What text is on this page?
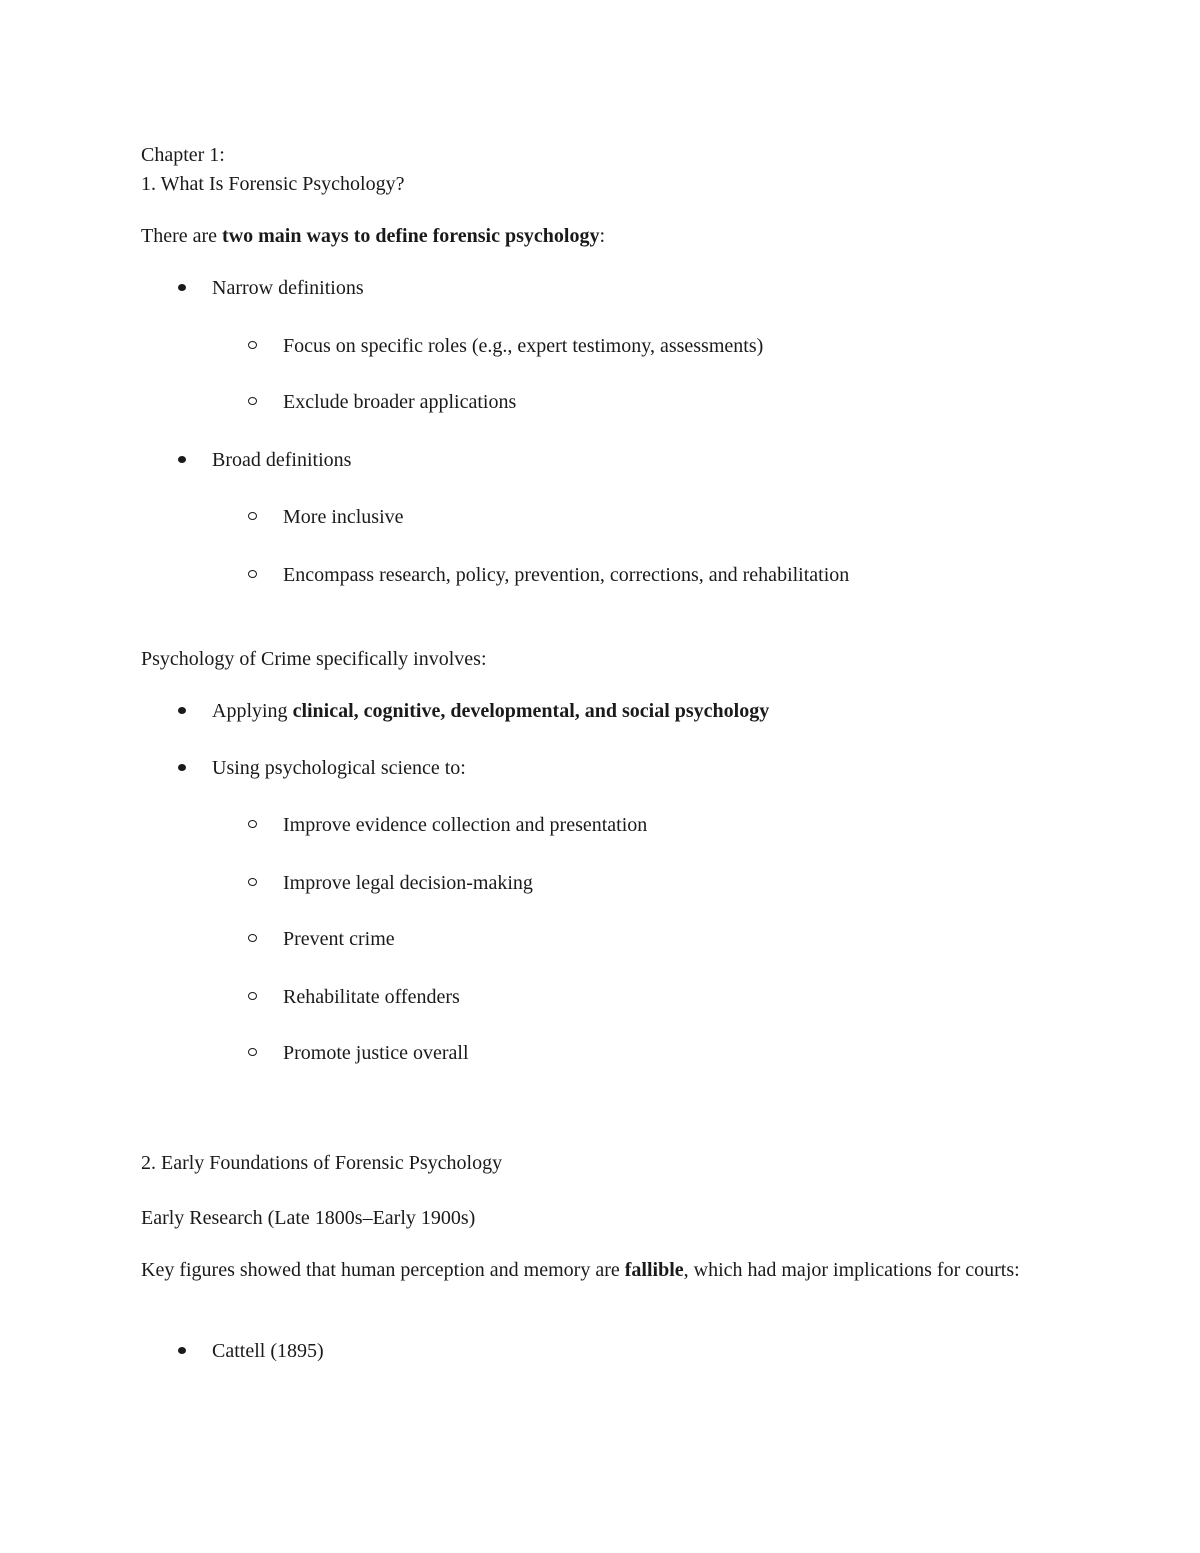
Chapter 1:
1. What Is Forensic Psychology?
There are two main ways to define forensic psychology:
Narrow definitions
Focus on specific roles (e.g., expert testimony, assessments)
Exclude broader applications
Broad definitions
More inclusive
Encompass research, policy, prevention, corrections, and rehabilitation
Psychology of Crime specifically involves:
Applying clinical, cognitive, developmental, and social psychology
Using psychological science to:
Improve evidence collection and presentation
Improve legal decision-making
Prevent crime
Rehabilitate offenders
Promote justice overall
2. Early Foundations of Forensic Psychology
Early Research (Late 1800s–Early 1900s)
Key figures showed that human perception and memory are fallible, which had major implications for courts:
Cattell (1895)
